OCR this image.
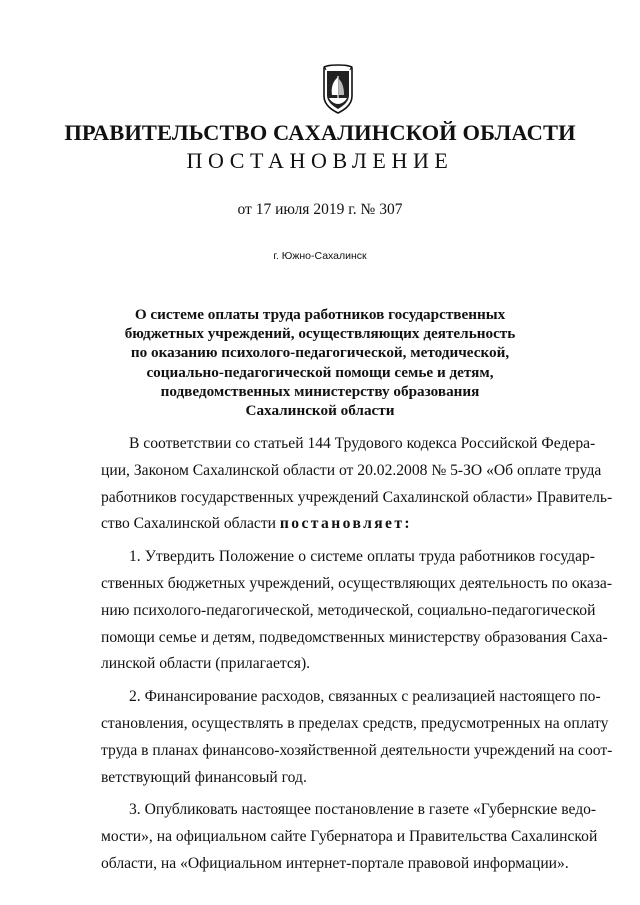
ПРАВИТЕЛЬСТВО САХАЛИНСКОЙ ОБЛАСТИ
ПОСТАНОВЛЕНИЕ
от 17 июля 2019 г. № 307
г. Южно-Сахалинск
О системе оплаты труда работников государственных
бюджетных учреждений, осуществляющих деятельность
по оказанию психолого-педагогической, методической,
социально-педагогической помощи семье и детям,
подведомственных министерству образования
Сахалинской области
В соответствии со статьей 144 Трудового кодекса Российской Федера-
ции, Законом Сахалинской области от 20.02.2008 № 5-ЗО «Об оплате труда
работников государственных учреждений Сахалинской области» Правитель-
ство Сахалинской области постановляет:
1. Утвердить Положение о системе оплаты труда работников государ-
ственных бюджетных учреждений, осуществляющих деятельность по оказа-
нию психолого-педагогической, методической, социально-педагогической
помощи семье и детям, подведомственных министерству образования Саха-
линской области (прилагается).
2. Финансирование расходов, связанных с реализацией настоящего по-
становления, осуществлять в пределах средств, предусмотренных на оплату
труда в планах финансово-хозяйственной деятельности учреждений на соот-
ветствующий финансовый год.
3. Опубликовать настоящее постановление в газете «Губернские ведо-
мости», на официальном сайте Губернатора и Правительства Сахалинской
области, на «Официальном интернет-портале правовой информации».
